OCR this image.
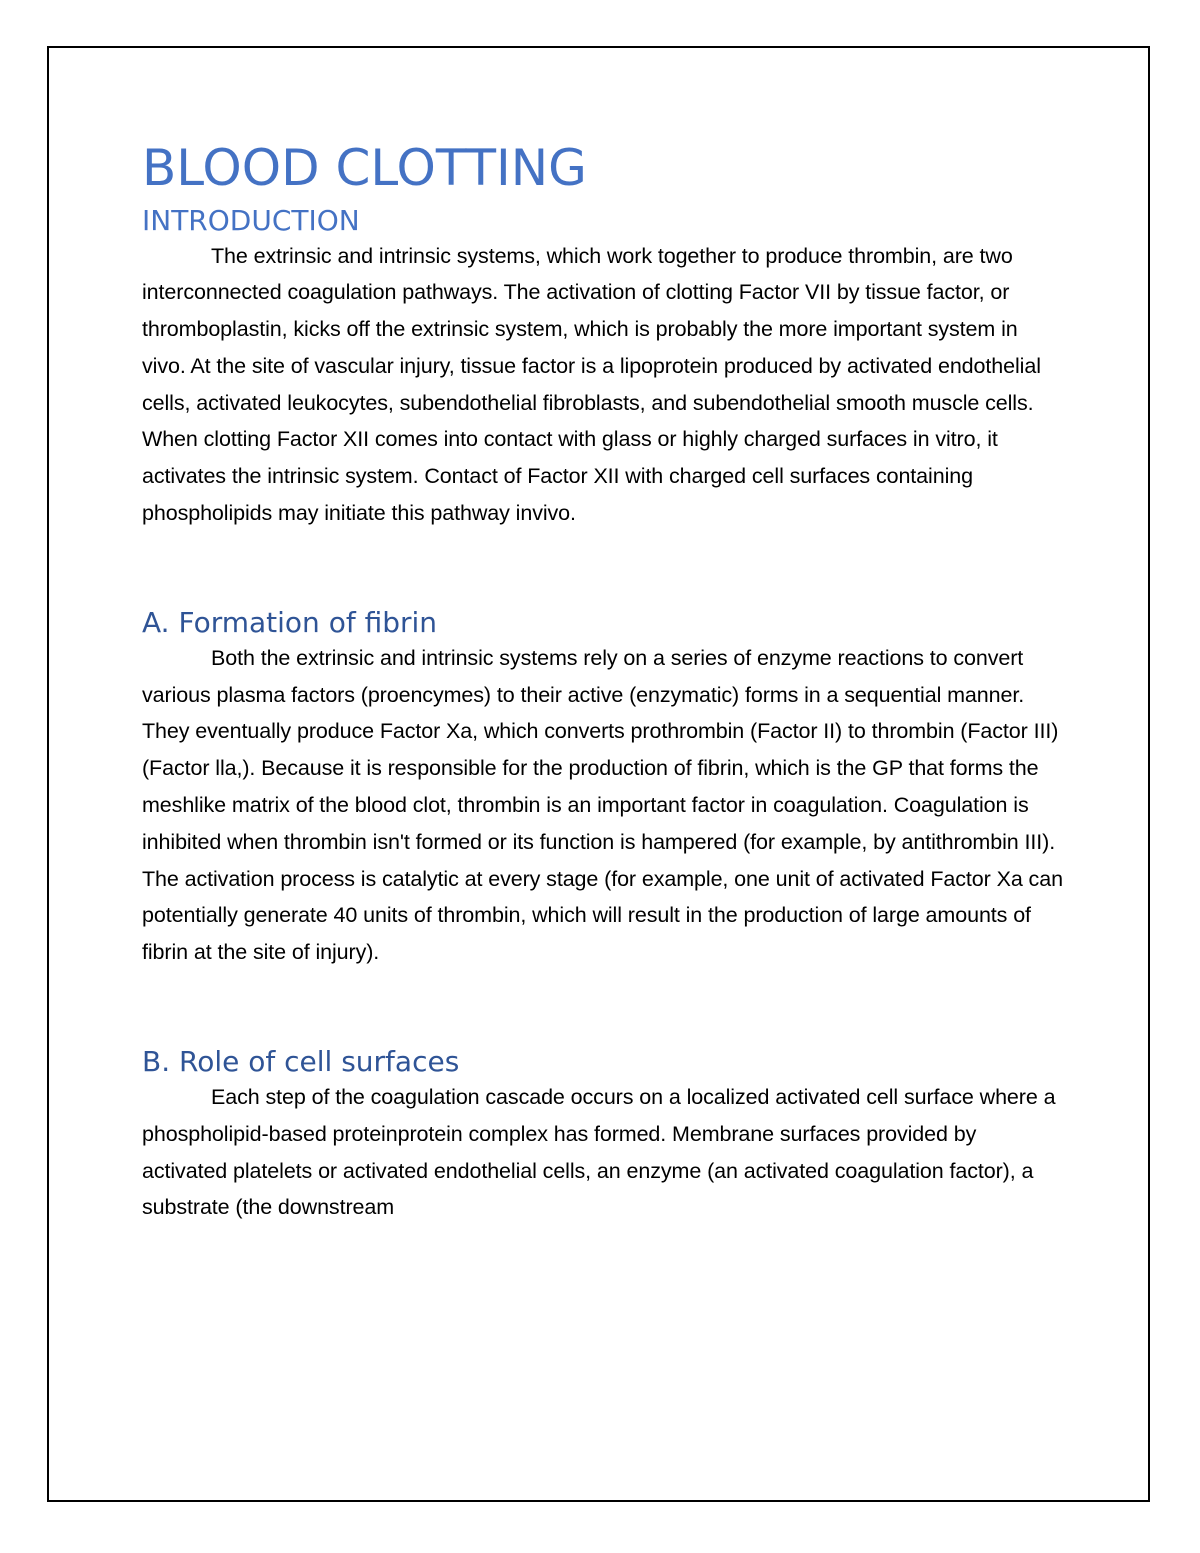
BLOOD CLOTTING
INTRODUCTION

The extrinsic and intrinsic systems, which work together to produce thrombin, are two interconnected coagulation pathways. The activation of clotting Factor VII by tissue factor, or thromboplastin, kicks off the extrinsic system, which is probably the more important system in vivo. At the site of vascular injury, tissue factor is a lipoprotein produced by activated endothelial cells, activated leukocytes, subendothelial fibroblasts, and subendothelial smooth muscle cells. When clotting Factor XII comes into contact with glass or highly charged surfaces in vitro, it activates the intrinsic system. Contact of Factor XII with charged cell surfaces containing phospholipids may initiate this pathway invivo.

A. Formation of fibrin

Both the extrinsic and intrinsic systems rely on a series of enzyme reactions to convert various plasma factors (proencymes) to their active (enzymatic) forms in a sequential manner. They eventually produce Factor Xa, which converts prothrombin (Factor II) to thrombin (Factor III) (Factor lla,). Because it is responsible for the production of fibrin, which is the GP that forms the meshlike matrix of the blood clot, thrombin is an important factor in coagulation. Coagulation is inhibited when thrombin isn't formed or its function is hampered (for example, by antithrombin III). The activation process is catalytic at every stage (for example, one unit of activated Factor Xa can potentially generate 40 units of thrombin, which will result in the production of large amounts of fibrin at the site of injury).

B. Role of cell surfaces

Each step of the coagulation cascade occurs on a localized activated cell surface where a phospholipid-based proteinprotein complex has formed. Membrane surfaces provided by activated platelets or activated endothelial cells, an enzyme (an activated coagulation factor), a substrate (the downstream
